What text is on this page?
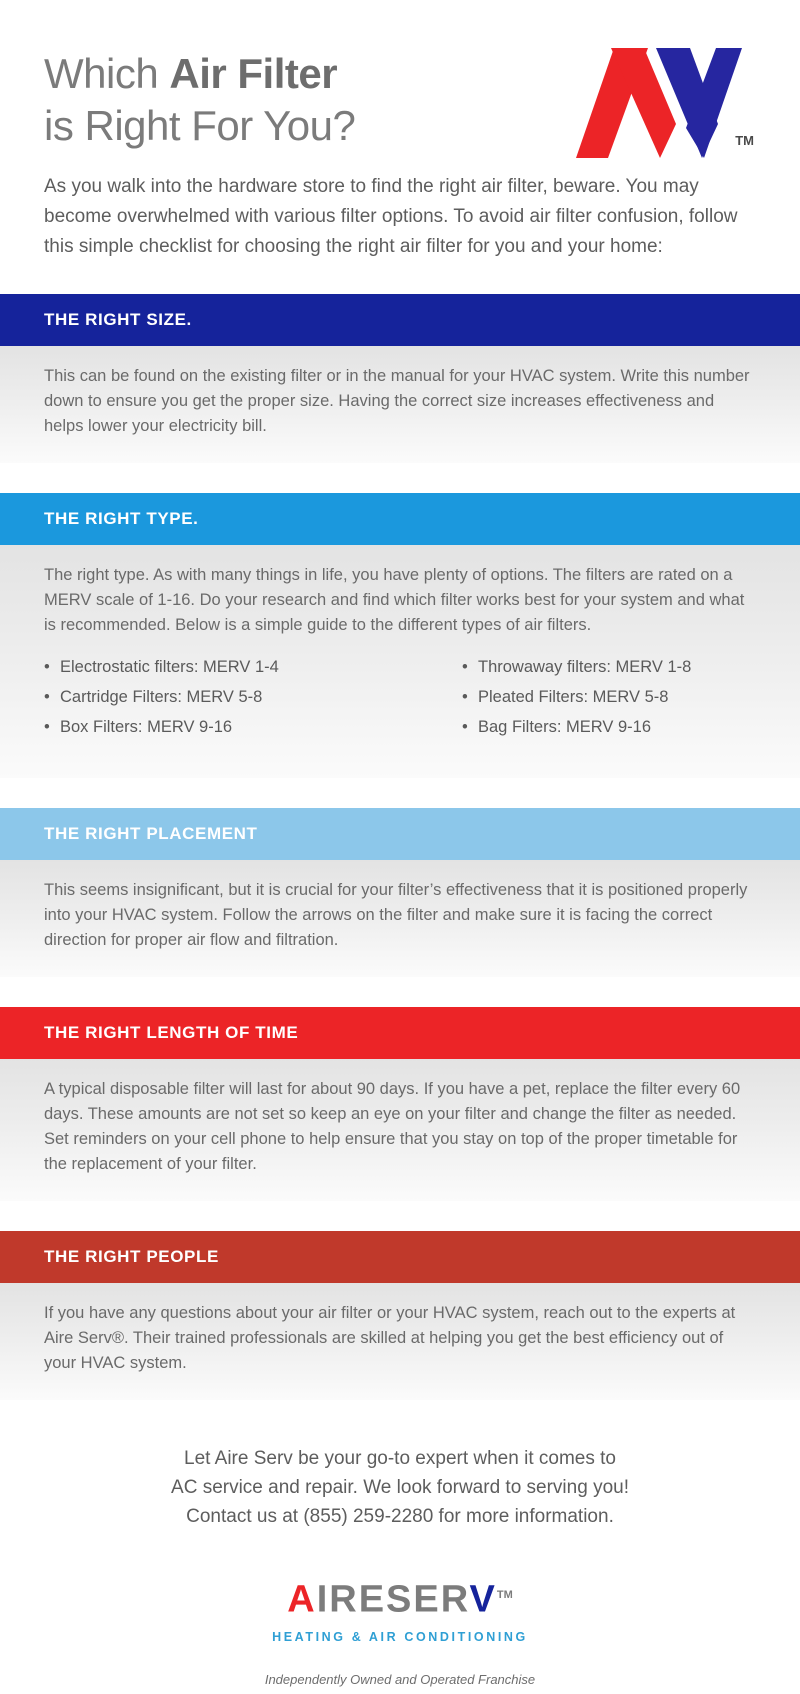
Which Air Filter
is Right For You?	TM

As you walk into the hardware store to find the right air filter, beware. You may become overwhelmed with various filter options. To avoid air filter confusion, follow this simple checklist for choosing the right air filter for you and your home:

THE RIGHT SIZE.
This can be found on the existing filter or in the manual for your HVAC system. Write this number down to ensure you get the proper size. Having the correct size increases effectiveness and helps lower your electricity bill.
THE RIGHT TYPE.
The right type. As with many things in life, you have plenty of options. The filters are rated on a MERV scale of 1-16. Do your research and find which filter works best for your system and what is recommended. Below is a simple guide to the different types of air filters.
• Electrostatic filters: MERV 1-4
• Cartridge Filters: MERV 5-8
• Box Filters: MERV 9-16
• Throwaway filters: MERV 1-8
• Pleated Filters: MERV 5-8
• Bag Filters: MERV 9-16
THE RIGHT PLACEMENT
This seems insignificant, but it is crucial for your filter’s effectiveness that it is positioned properly into your HVAC system. Follow the arrows on the filter and make sure it is facing the correct direction for proper air flow and filtration.
THE RIGHT LENGTH OF TIME
A typical disposable filter will last for about 90 days. If you have a pet, replace the filter every 60 days. These amounts are not set so keep an eye on your filter and change the filter as needed. Set reminders on your cell phone to help ensure that you stay on top of the proper timetable for the replacement of your filter.
THE RIGHT PEOPLE
If you have any questions about your air filter or your HVAC system, reach out to the experts at Aire Serv®. Their trained professionals are skilled at helping you get the best efficiency out of your HVAC system.
Let Aire Serv be your go-to expert when it comes to
AC service and repair. We look forward to serving you!
Contact us at (855) 259-2280 for more information.
AIRESERV™
HEATING & AIR CONDITIONING
Independently Owned and Operated Franchise
